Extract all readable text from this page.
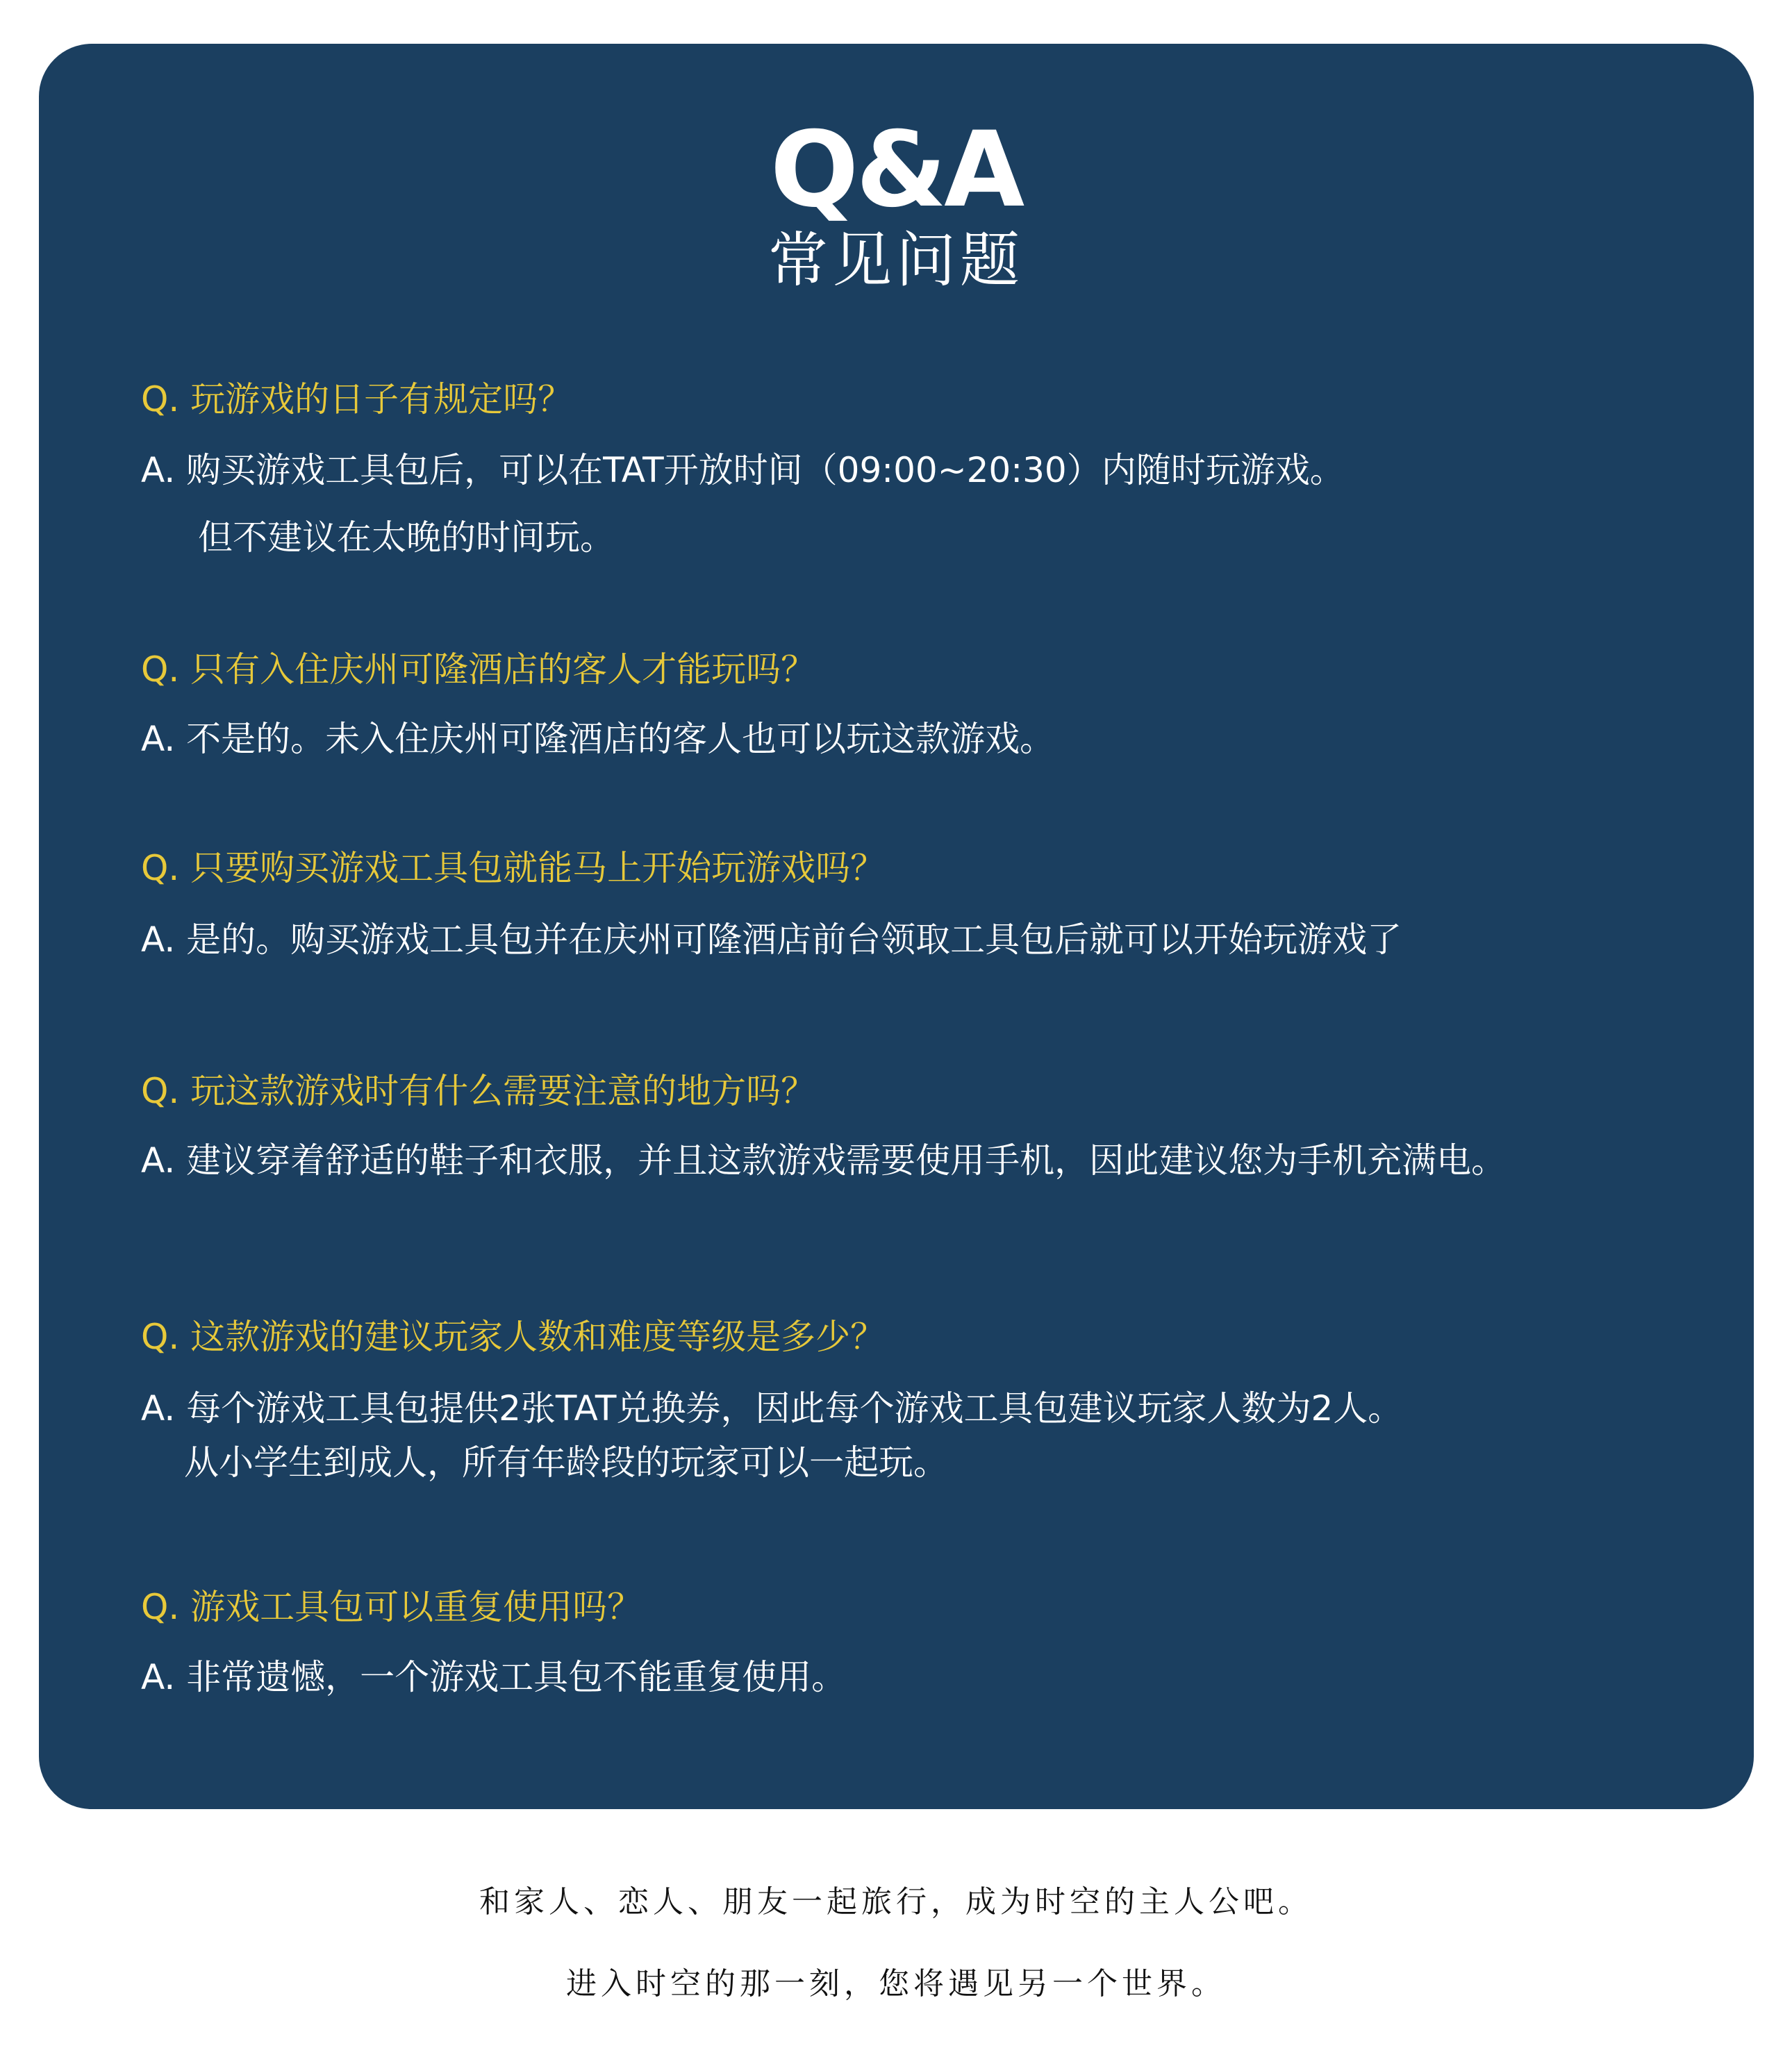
Q&A
常见问题
Q. 玩游戏的日子有规定吗？
A. 购买游戏工具包后，可以在TAT开放时间（09:00~20:30）内随时玩游戏。
但不建议在太晚的时间玩。
Q. 只有入住庆州可隆酒店的客人才能玩吗？
A. 不是的。未入住庆州可隆酒店的客人也可以玩这款游戏。
Q. 只要购买游戏工具包就能马上开始玩游戏吗？
A. 是的。购买游戏工具包并在庆州可隆酒店前台领取工具包后就可以开始玩游戏了
Q. 玩这款游戏时有什么需要注意的地方吗？
A. 建议穿着舒适的鞋子和衣服，并且这款游戏需要使用手机，因此建议您为手机充满电。
Q. 这款游戏的建议玩家人数和难度等级是多少？
A. 每个游戏工具包提供2张TAT兑换券，因此每个游戏工具包建议玩家人数为2人。
从小学生到成人，所有年龄段的玩家可以一起玩。
Q. 游戏工具包可以重复使用吗？
A. 非常遗憾，一个游戏工具包不能重复使用。
和家人、恋人、朋友一起旅行，成为时空的主人公吧。
进入时空的那一刻，您将遇见另一个世界。
